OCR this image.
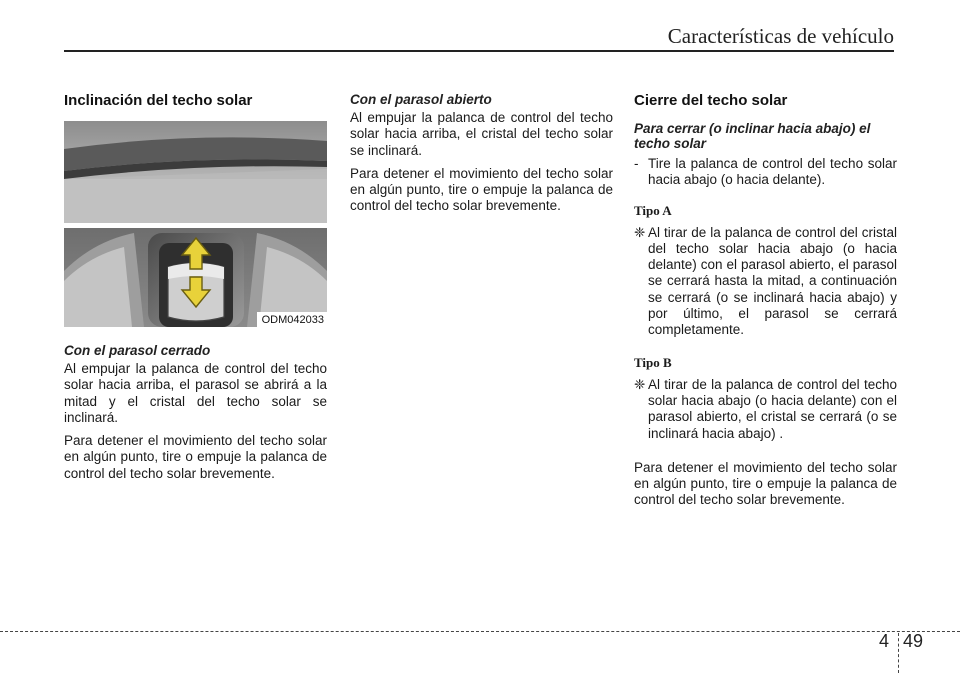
Características de vehículo
Inclinación del techo solar
ODM042033
Con el parasol cerrado

Al empujar la palanca de control del techo solar hacia arriba, el parasol se abrirá a la mitad y el cristal del techo solar se inclinará.

Para detener el movimiento del techo solar en algún punto, tire o empuje la palanca de control del techo solar brevemente.

Con el parasol abierto

Al empujar la palanca de control del techo solar hacia arriba, el cristal del techo solar se inclinará.

Para detener el movimiento del techo solar en algún punto, tire o empuje la palanca de control del techo solar brevemente.

Cierre del techo solar
Para cerrar (o inclinar hacia abajo) el techo solar
- Tire la palanca de control del techo solar hacia abajo (o hacia delante).
Tipo A
❈ Al tirar de la palanca de control del cristal del techo solar hacia abajo (o hacia delante) con el parasol abierto, el parasol se cerrará hasta la mitad, a continuación se cerrará (o se inclinará hacia abajo) y por último, el parasol se cerrará completamente.
Tipo B
❈ Al tirar de la palanca de control del techo solar hacia abajo (o hacia delante) con el parasol abierto, el cristal se cerrará (o se inclinará hacia abajo) .

Para detener el movimiento del techo solar en algún punto, tire o empuje la palanca de control del techo solar brevemente.

4 49
